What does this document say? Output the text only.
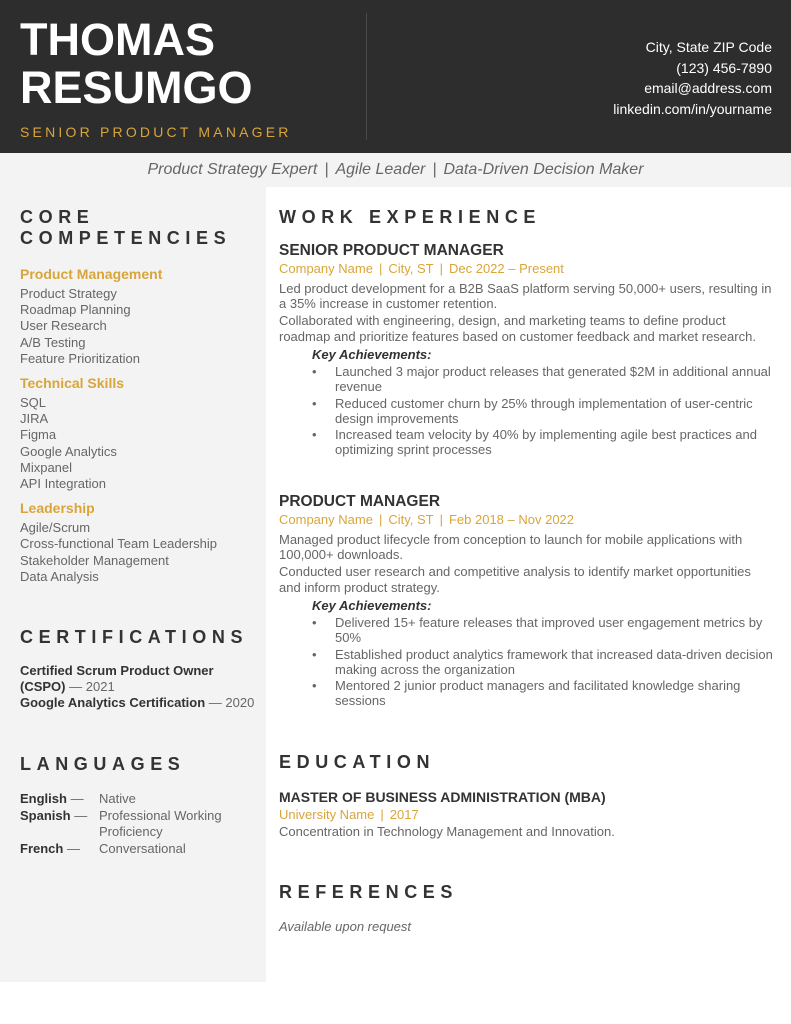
THOMAS
RESUMGO
SENIOR PRODUCT MANAGER
City, State ZIP Code
(123) 456-7890
email@address.com
linkedin.com/in/yourname
Product Strategy Expert | Agile Leader | Data-Driven Decision Maker
CORE
COMPETENCIES
Product Management
Product Strategy
Roadmap Planning
User Research
A/B Testing
Feature Prioritization
Technical Skills
SQL
JIRA
Figma
Google Analytics
Mixpanel
API Integration
Leadership
Agile/Scrum
Cross-functional Team Leadership
Stakeholder Management
Data Analysis
CERTIFICATIONS
Certified Scrum Product Owner (CSPO) — 2021
Google Analytics Certification — 2020
LANGUAGES
English —	Native
Spanish — Professional Working Proficiency
French —	Conversational
WORK EXPERIENCE
SENIOR PRODUCT MANAGER
Company Name | City, ST | Dec 2022 – Present
Led product development for a B2B SaaS platform serving 50,000+ users, resulting in a 35% increase in customer retention.
Collaborated with engineering, design, and marketing teams to define product roadmap and prioritize features based on customer feedback and market research.
Key Achievements:
• Launched 3 major product releases that generated $2M in additional annual revenue
• Reduced customer churn by 25% through implementation of user-centric design improvements
• Increased team velocity by 40% by implementing agile best practices and optimizing sprint processes
PRODUCT MANAGER
Company Name | City, ST | Feb 2018 – Nov 2022
Managed product lifecycle from conception to launch for mobile applications with 100,000+ downloads.
Conducted user research and competitive analysis to identify market opportunities and inform product strategy.
Key Achievements:
• Delivered 15+ feature releases that improved user engagement metrics by 50%
• Established product analytics framework that increased data-driven decision making across the organization
• Mentored 2 junior product managers and facilitated knowledge sharing sessions
EDUCATION
MASTER OF BUSINESS ADMINISTRATION (MBA)
University Name | 2017
Concentration in Technology Management and Innovation.
REFERENCES
Available upon request
